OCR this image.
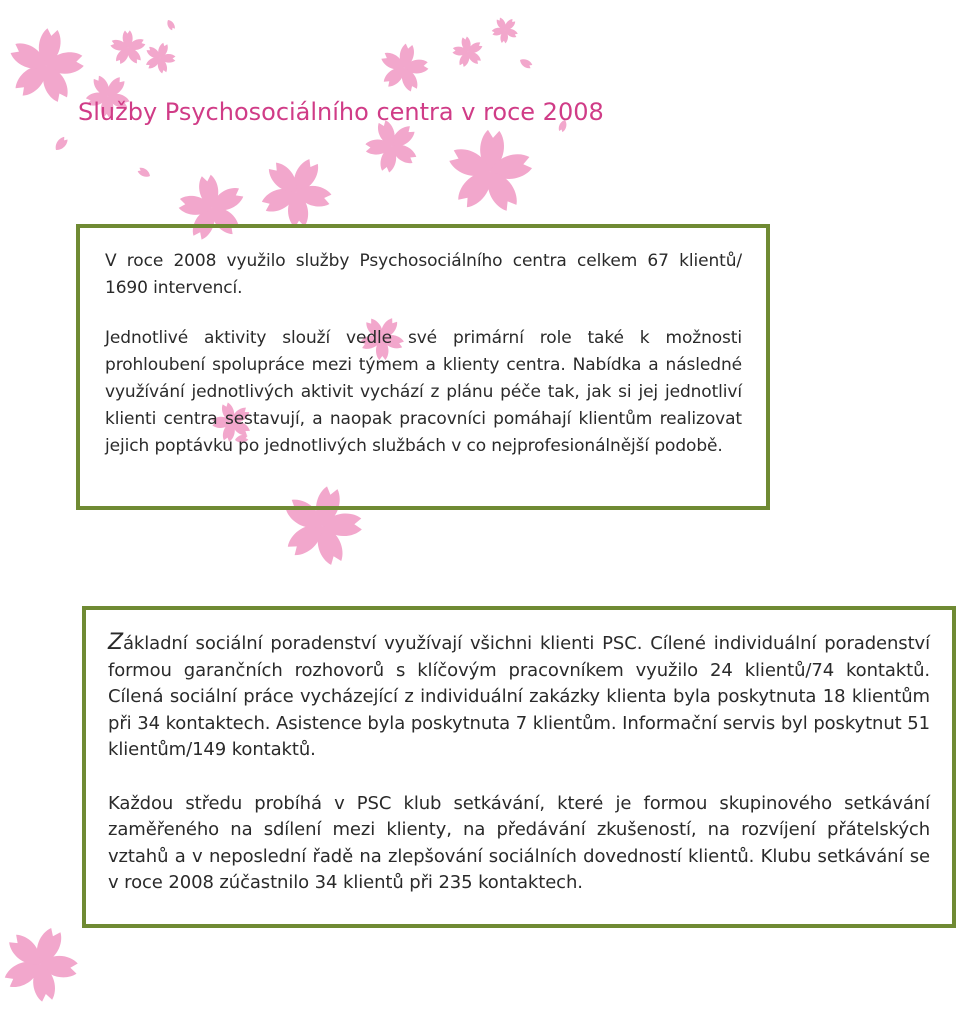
Služby Psychosociálního centra v roce 2008

V roce 2008 využilo služby Psychosociálního centra celkem 67 klientů/ 1690 intervencí.

Jednotlivé aktivity slouží vedle své primární role také k možnosti prohloubení spolupráce mezi týmem a klienty centra. Nabídka a následné využívání jednotlivých aktivit vychází z plánu péče tak, jak si jej jednotliví klienti centra sestavují, a naopak pracovníci pomáhají klientům realizovat jejich poptávku po jednotlivých službách v co nejprofesionálnější podobě.

Základní sociální poradenství využívají všichni klienti PSC. Cílené individuální poradenství formou garančních rozhovorů s klíčovým pracovníkem využilo 24 klientů/74 kontaktů. Cílená sociální práce vycházející z individuální zakázky klienta byla poskytnuta 18 klientům při 34 kontaktech. Asistence byla poskytnuta 7 klientům. Informační servis byl poskytnut 51 klientům/149 kontaktů.

Každou středu probíhá v PSC klub setkávání, které je formou skupinového setkávání zaměřeného na sdílení mezi klienty, na předávání zkušeností, na rozvíjení přátelských vztahů a v neposlední řadě na zlepšování sociálních dovedností klientů. Klubu setkávání se v roce 2008 zúčastnilo 34 klientů při 235 kontaktech.
